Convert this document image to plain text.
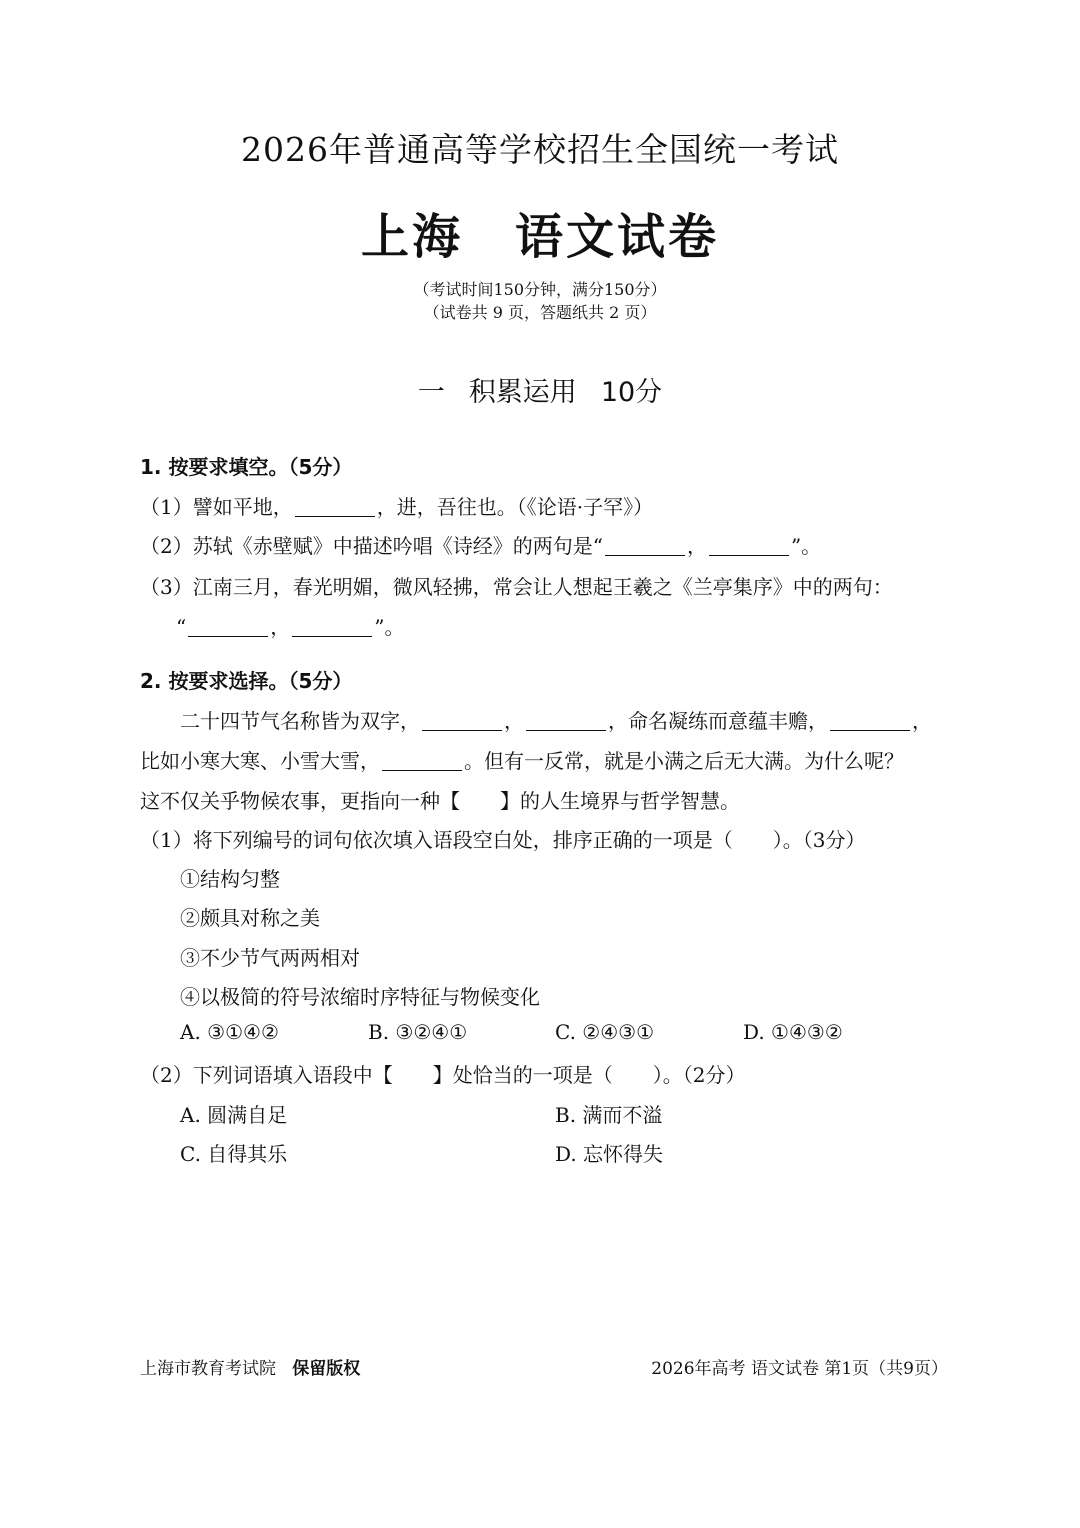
2026年普通高等学校招生全国统一考试
上海 语文试卷
（考试时间150分钟，满分150分）
（试卷共 9 页，答题纸共 2 页）
一 积累运用 10分
1. 按要求填空。（5分）
（1）譬如平地，	，进，吾往也。（《论语·子罕》）
（2）苏轼《赤壁赋》中描述吟唱《诗经》的两句是“	，	”。
（3）江南三月，春光明媚，微风轻拂，常会让人想起王羲之《兰亭集序》中的两句：
“	，	”。
2. 按要求选择。（5分）
二十四节气名称皆为双字，	，	，命名凝练而意蕴丰赡，	，
比如小寒大寒、小雪大雪，	。但有一反常，就是小满之后无大满。为什么呢？
这不仅关乎物候农事，更指向一种【　　】的人生境界与哲学智慧。
（1）将下列编号的词句依次填入语段空白处，排序正确的一项是（　　）。（3分）
①结构匀整
②颇具对称之美
③不少节气两两相对
④以极简的符号浓缩时序特征与物候变化
A. ③①④②	B. ③②④①	C. ②④③①	D. ①④③②
（2）下列词语填入语段中【　　】处恰当的一项是（　　）。（2分）
A. 圆满自足	B. 满而不溢
C. 自得其乐	D. 忘怀得失
上海市教育考试院 保留版权	2026年高考 语文试卷 第1页（共9页）
